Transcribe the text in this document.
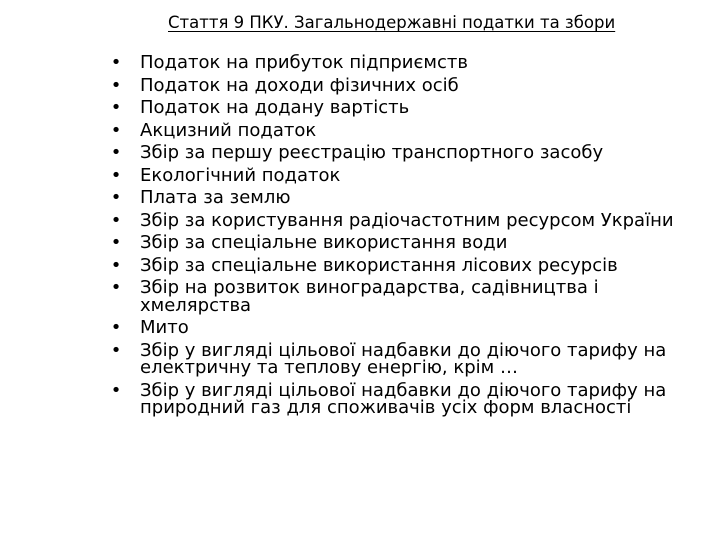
Стаття 9 ПКУ. Загальнодержавні податки та збори
• Податок на прибуток підприємств
• Податок на доходи фізичних осіб
• Податок на додану вартість
• Акцизний податок
• Збір за першу реєстрацію транспортного засобу
• Екологічний податок
• Плата за землю
• Збір за користування радіочастотним ресурсом України
• Збір за спеціальне використання води
• Збір за спеціальне використання лісових ресурсів
• Збір на розвиток виноградарства, садівництва і хмелярства
• Мито
• Збір у вигляді цільової надбавки до діючого тарифу на електричну та теплову енергію, крім …
• Збір у вигляді цільової надбавки до діючого тарифу на природний газ для споживачів усіх форм власності
